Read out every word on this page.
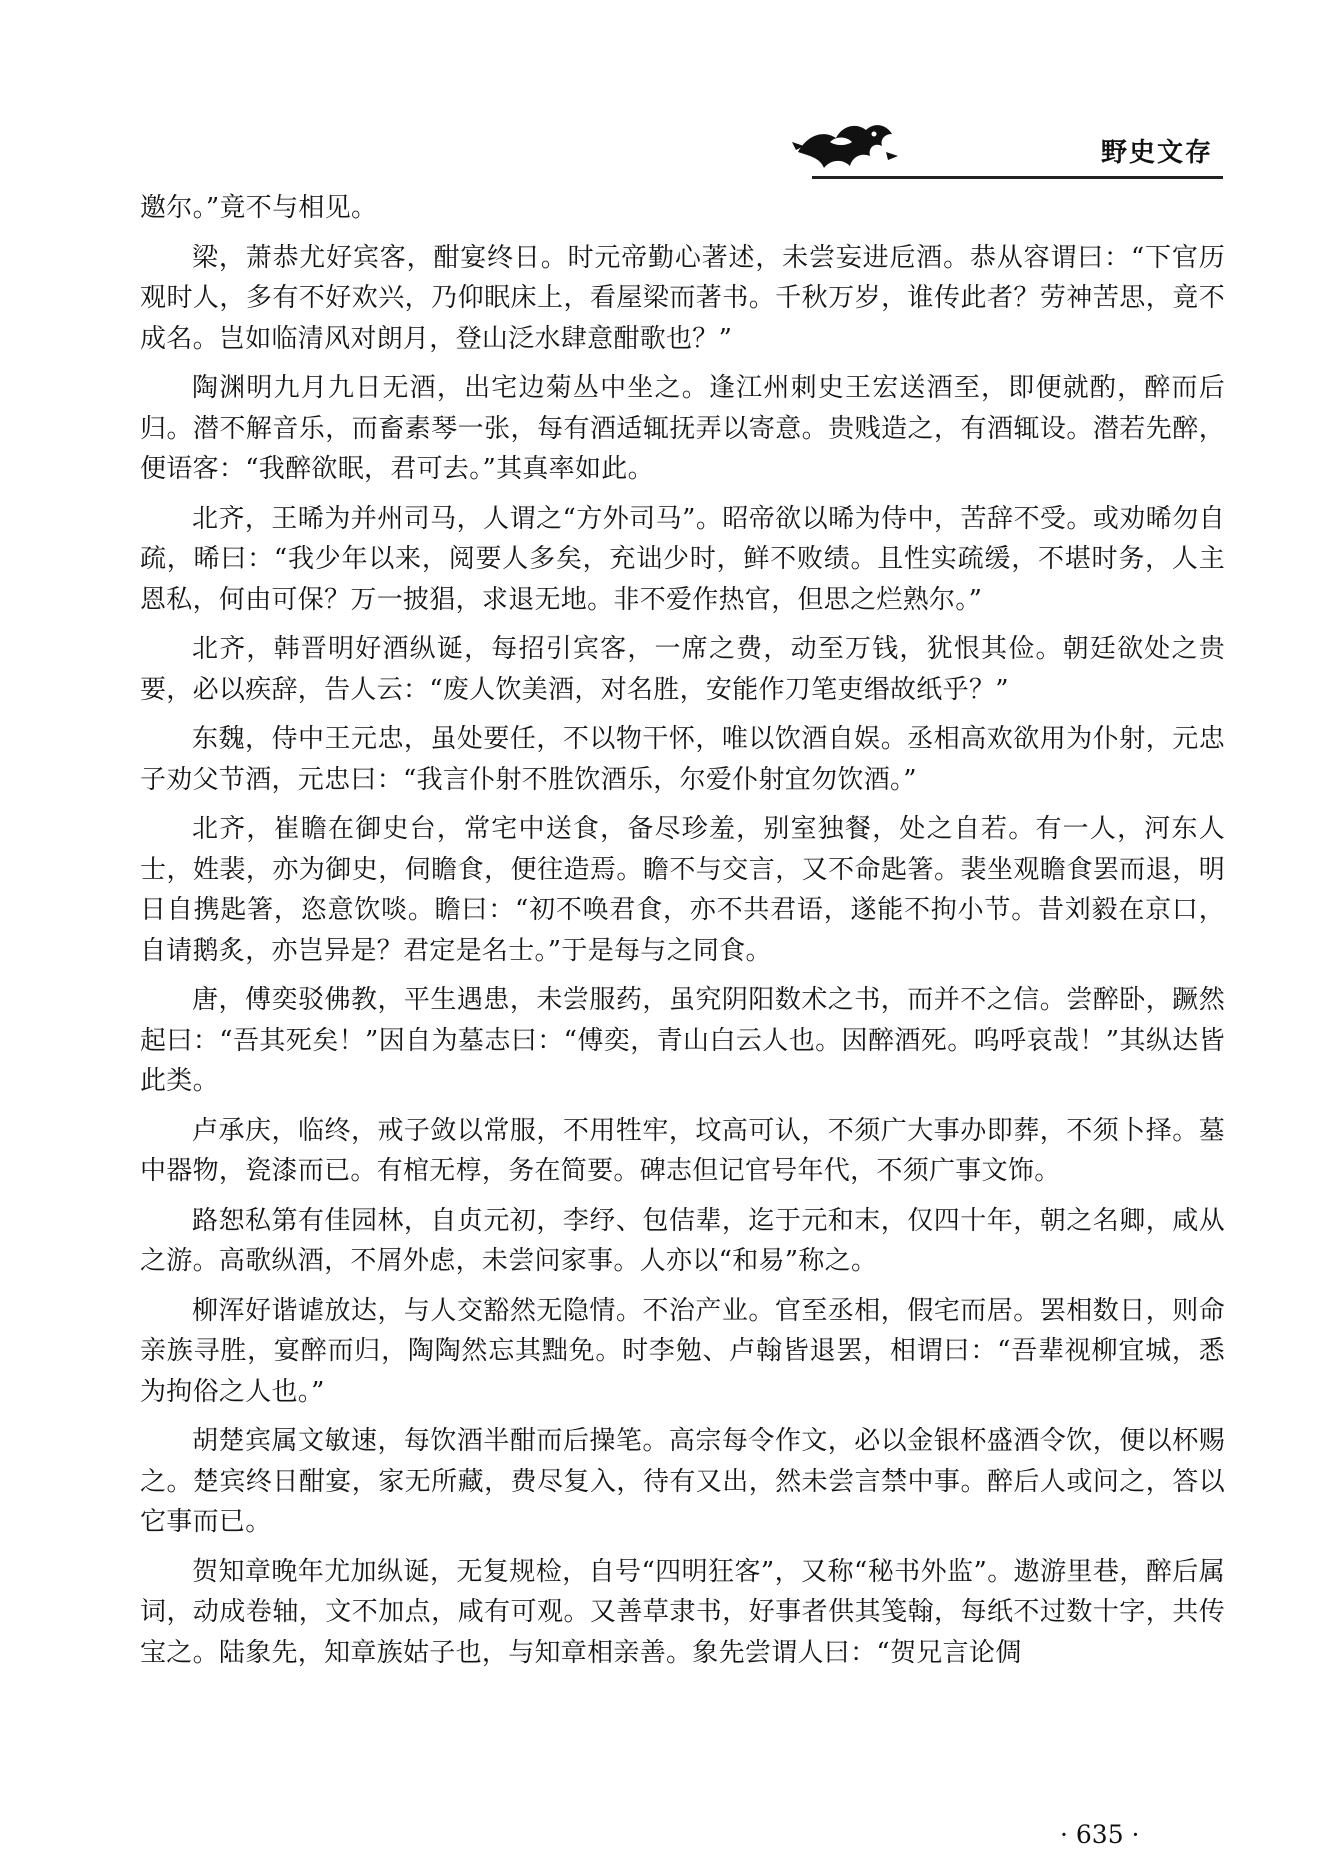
野史文存

邀尔。”竟不与相见。

梁，萧恭尤好宾客，酣宴终日。时元帝勤心著述，未尝妄进卮酒。恭从容谓曰：“下官历观时人，多有不好欢兴，乃仰眠床上，看屋梁而著书。千秋万岁，谁传此者？劳神苦思，竟不成名。岂如临清风对朗月，登山泛水肆意酣歌也？”

陶渊明九月九日无酒，出宅边菊丛中坐之。逢江州刺史王宏送酒至，即便就酌，醉而后归。潜不解音乐，而畜素琴一张，每有酒适辄抚弄以寄意。贵贱造之，有酒辄设。潜若先醉，便语客：“我醉欲眠，君可去。”其真率如此。

北齐，王晞为并州司马，人谓之“方外司马”。昭帝欲以晞为侍中，苦辞不受。或劝晞勿自疏，晞曰：“我少年以来，阅要人多矣，充诎少时，鲜不败绩。且性实疏缓，不堪时务，人主恩私，何由可保？万一披猖，求退无地。非不爱作热官，但思之烂熟尔。”

北齐，韩晋明好酒纵诞，每招引宾客，一席之费，动至万钱，犹恨其俭。朝廷欲处之贵要，必以疾辞，告人云：“废人饮美酒，对名胜，安能作刀笔吏缗故纸乎？”

东魏，侍中王元忠，虽处要任，不以物干怀，唯以饮酒自娱。丞相高欢欲用为仆射，元忠子劝父节酒，元忠曰：“我言仆射不胜饮酒乐，尔爱仆射宜勿饮酒。”

北齐，崔瞻在御史台，常宅中送食，备尽珍羞，别室独餐，处之自若。有一人，河东人士，姓裴，亦为御史，伺瞻食，便往造焉。瞻不与交言，又不命匙箸。裴坐观瞻食罢而退，明日自携匙箸，恣意饮啖。瞻曰：“初不唤君食，亦不共君语，遂能不拘小节。昔刘毅在京口，自请鹅炙，亦岂异是？君定是名士。”于是每与之同食。

唐，傅奕驳佛教，平生遇患，未尝服药，虽究阴阳数术之书，而并不之信。尝醉卧，蹶然起曰：“吾其死矣！”因自为墓志曰：“傅奕，青山白云人也。因醉酒死。呜呼哀哉！”其纵达皆此类。

卢承庆，临终，戒子敛以常服，不用牲牢，坟高可认，不须广大事办即葬，不须卜择。墓中器物，瓷漆而已。有棺无椁，务在简要。碑志但记官号年代，不须广事文饰。

路恕私第有佳园林，自贞元初，李纾、包佶辈，迄于元和末，仅四十年，朝之名卿，咸从之游。高歌纵酒，不屑外虑，未尝问家事。人亦以“和易”称之。

柳浑好谐谑放达，与人交豁然无隐情。不治产业。官至丞相，假宅而居。罢相数日，则命亲族寻胜，宴醉而归，陶陶然忘其黜免。时李勉、卢翰皆退罢，相谓曰：“吾辈视柳宜城，悉为拘俗之人也。”

胡楚宾属文敏速，每饮酒半酣而后操笔。高宗每令作文，必以金银杯盛酒令饮，便以杯赐之。楚宾终日酣宴，家无所藏，费尽复入，待有又出，然未尝言禁中事。醉后人或问之，答以它事而已。

贺知章晚年尤加纵诞，无复规检，自号“四明狂客”，又称“秘书外监”。遨游里巷，醉后属词，动成卷轴，文不加点，咸有可观。又善草隶书，好事者供其笺翰，每纸不过数十字，共传宝之。陆象先，知章族姑子也，与知章相亲善。象先尝谓人曰：“贺兄言论倜

· 635 ·
